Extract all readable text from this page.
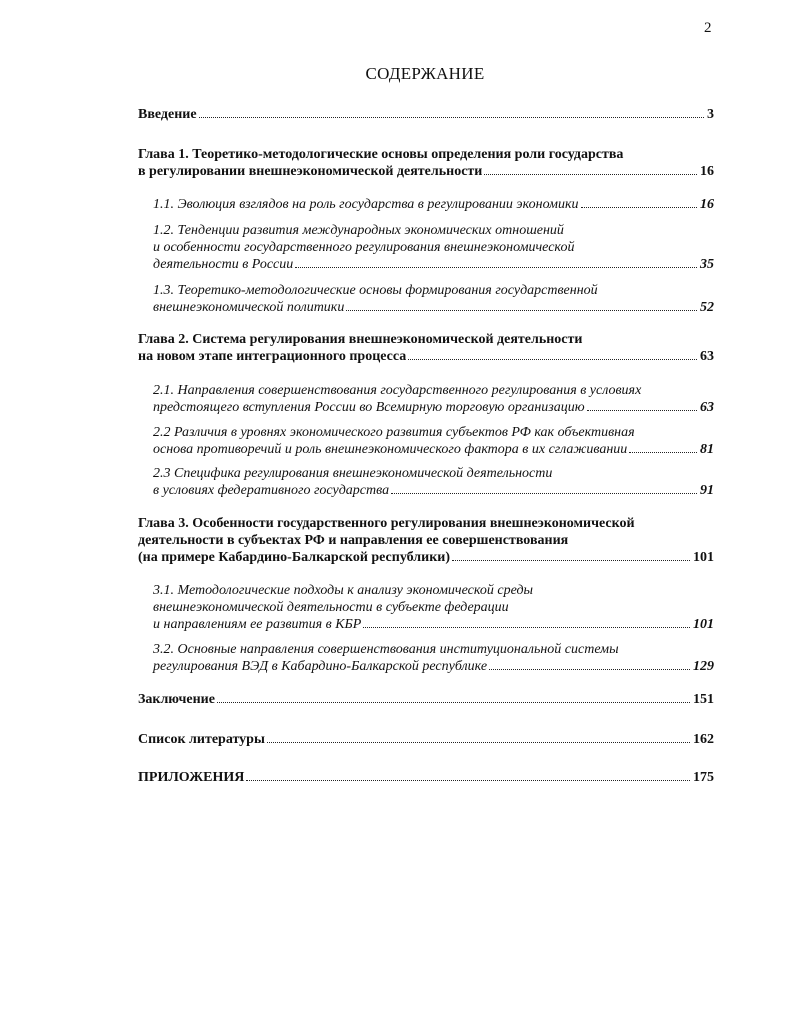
2
СОДЕРЖАНИЕ
Введение	3
Глава 1. Теоретико-методологические основы определения роли государства
в регулировании внешнеэкономической деятельности	16
1.1. Эволюция взглядов на роль государства в регулировании экономики	16
1.2. Тенденции развития международных экономических отношений
и особенности государственного регулирования внешнеэкономической
деятельности в России	35
1.3. Теоретико-методологические основы формирования государственной
внешнеэкономической политики	52
Глава 2. Система регулирования внешнеэкономической деятельности
на новом этапе интеграционного процесса	63
2.1. Направления совершенствования государственного регулирования в условиях
предстоящего вступления России во Всемирную торговую организацию	63
2.2 Различия в уровнях экономического развития субъектов РФ как объективная
основа противоречий и роль внешнеэкономического фактора в их сглаживании	81
2.3 Специфика регулирования внешнеэкономической деятельности
в условиях федеративного государства	91
Глава 3. Особенности государственного регулирования внешнеэкономической
деятельности в субъектах РФ и направления ее совершенствования
(на примере Кабардино-Балкарской республики)	101
3.1. Методологические подходы к анализу экономической среды
внешнеэкономической деятельности в субъекте федерации
и направлениям ее развития в КБР	101
3.2. Основные направления совершенствования институциональной системы
регулирования ВЭД в Кабардино-Балкарской республике	129
Заключение	151
Список литературы	162
ПРИЛОЖЕНИЯ	175
